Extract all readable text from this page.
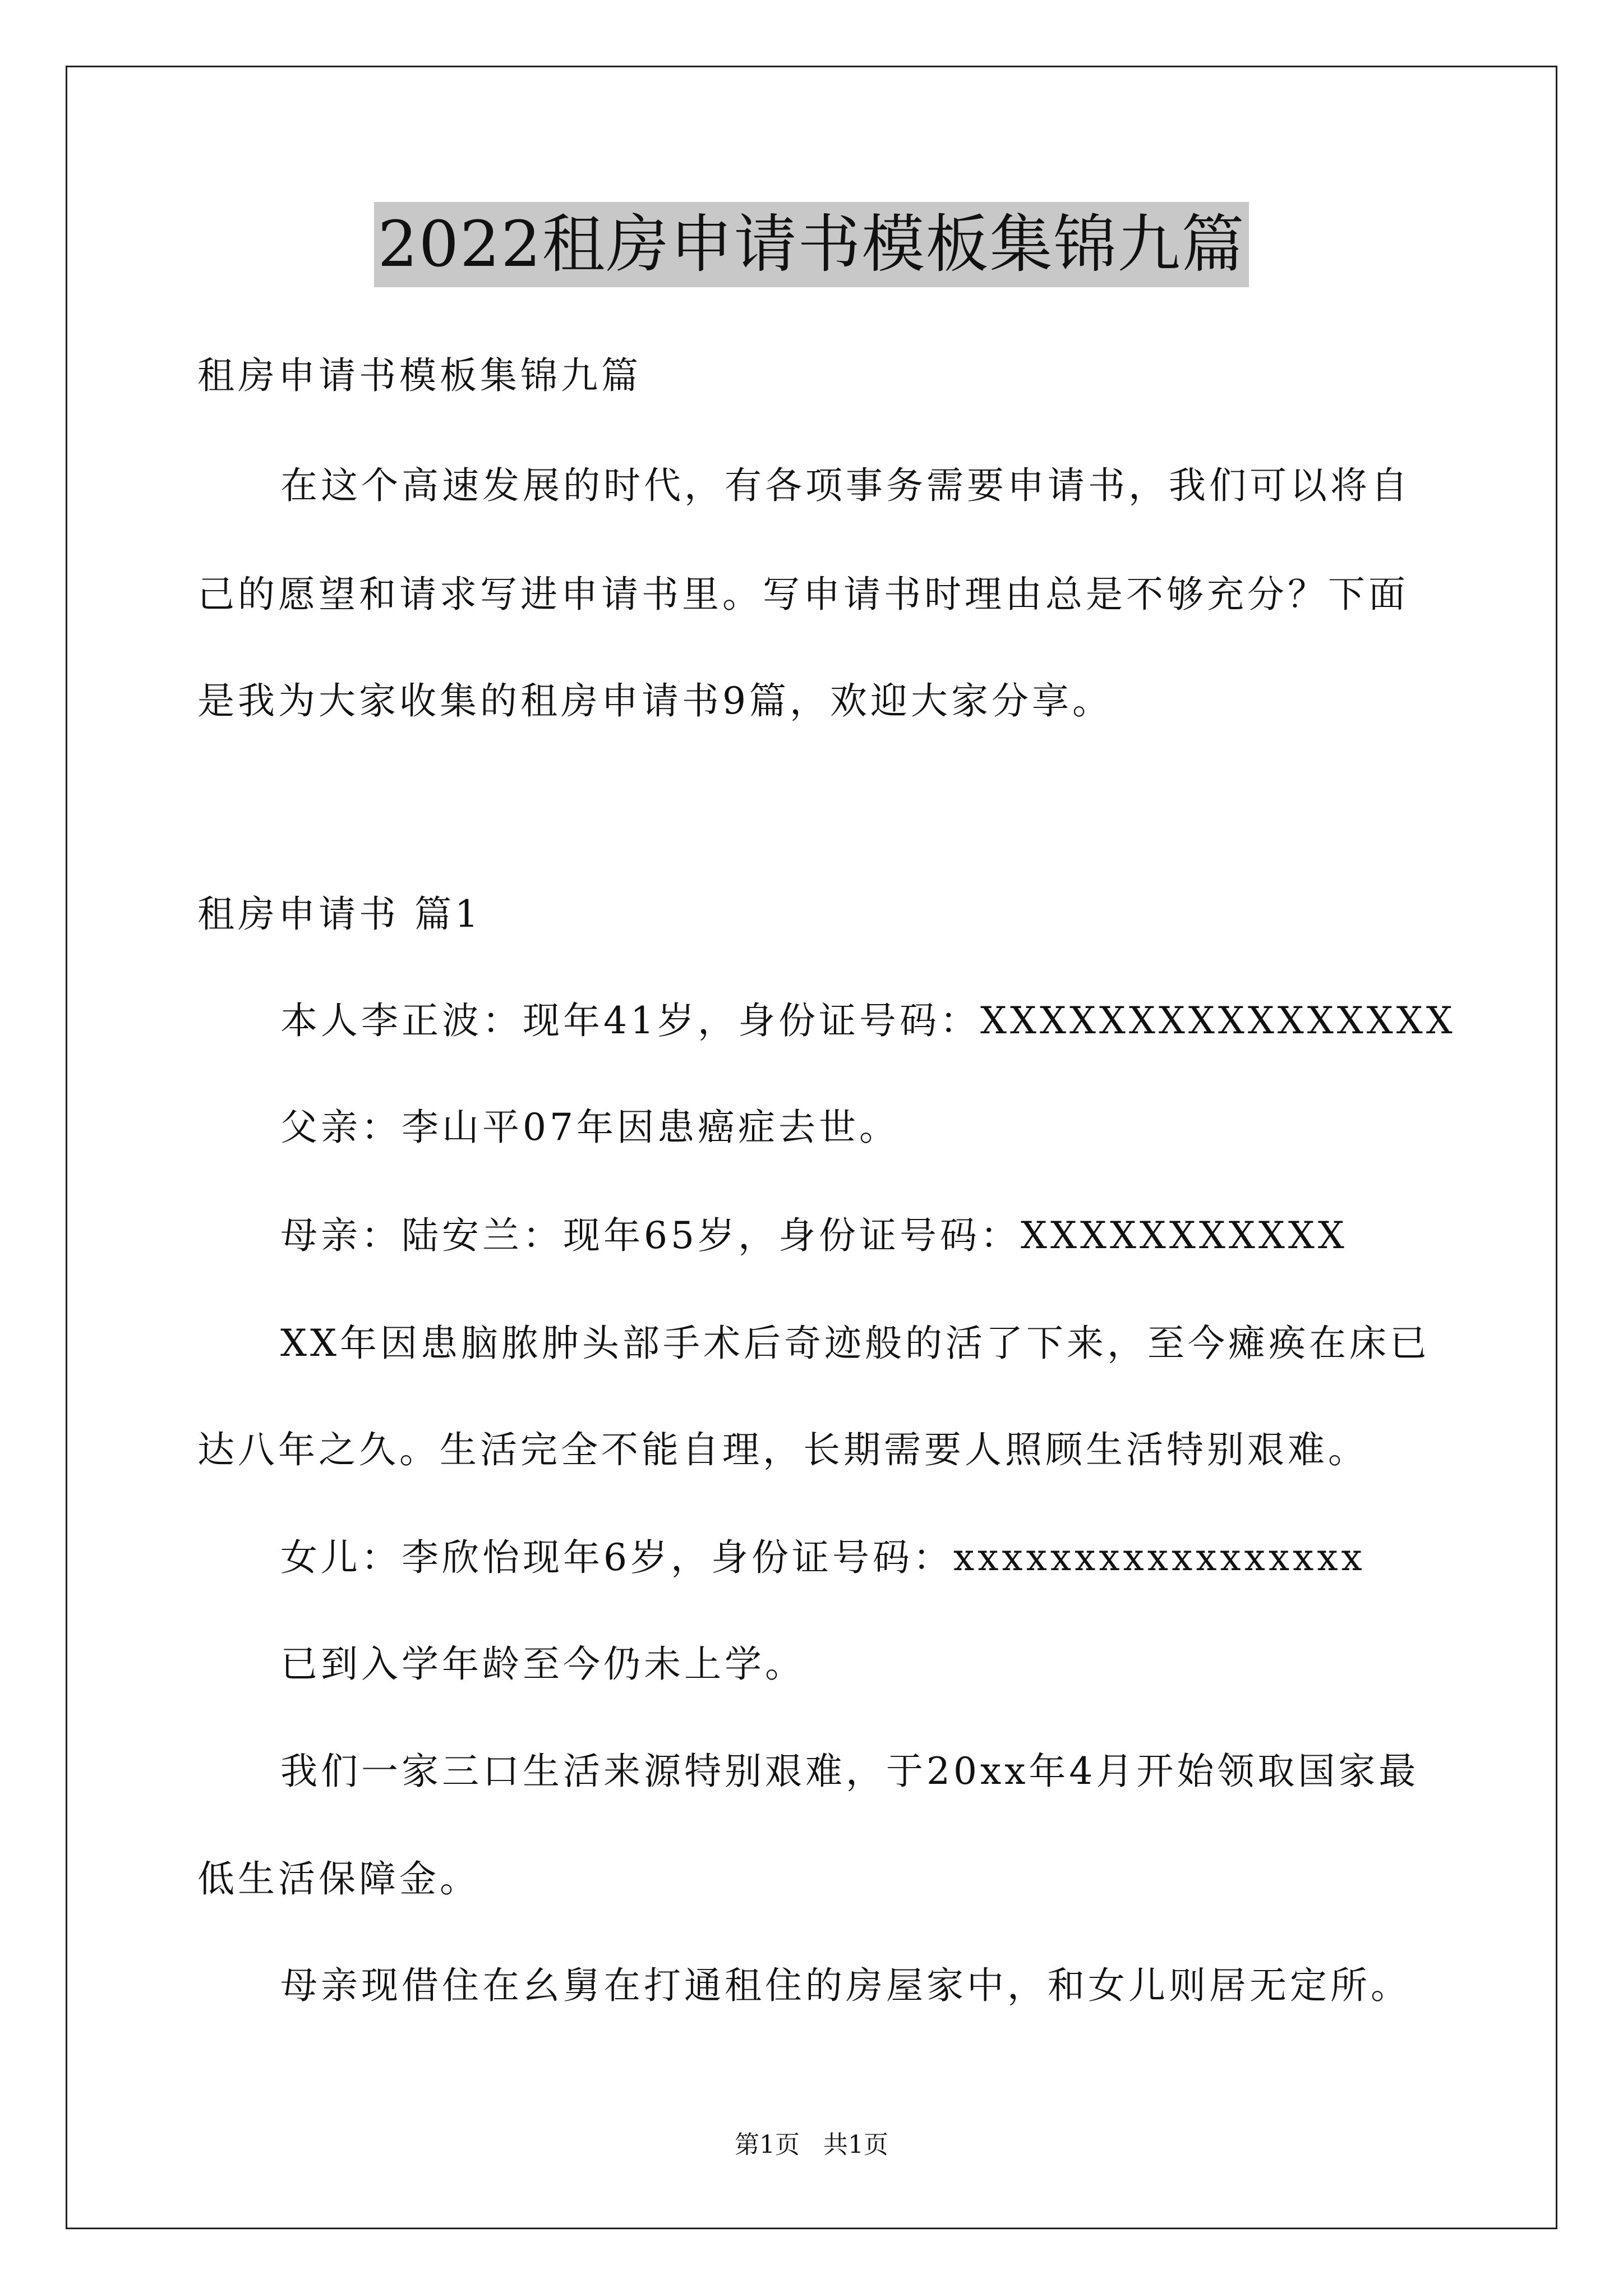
2022租房申请书模板集锦九篇
租房申请书模板集锦九篇
在这个高速发展的时代，有各项事务需要申请书，我们可以将自
己的愿望和请求写进申请书里。写申请书时理由总是不够充分？下面
是我为大家收集的租房申请书9篇，欢迎大家分享。
租房申请书 篇1
本人李正波：现年41岁，身份证号码：XXXXXXXXXXXXXXXX
父亲：李山平07年因患癌症去世。
母亲：陆安兰：现年65岁，身份证号码：XXXXXXXXXXX
XX年因患脑脓肿头部手术后奇迹般的活了下来，至今瘫痪在床已
达八年之久。生活完全不能自理，长期需要人照顾生活特别艰难。
女儿：李欣怡现年6岁，身份证号码：xxxxxxxxxxxxxxxxx
已到入学年龄至今仍未上学。
我们一家三口生活来源特别艰难，于20xx年4月开始领取国家最
低生活保障金。
母亲现借住在幺舅在打通租住的房屋家中，和女儿则居无定所。
第1页   共1页
